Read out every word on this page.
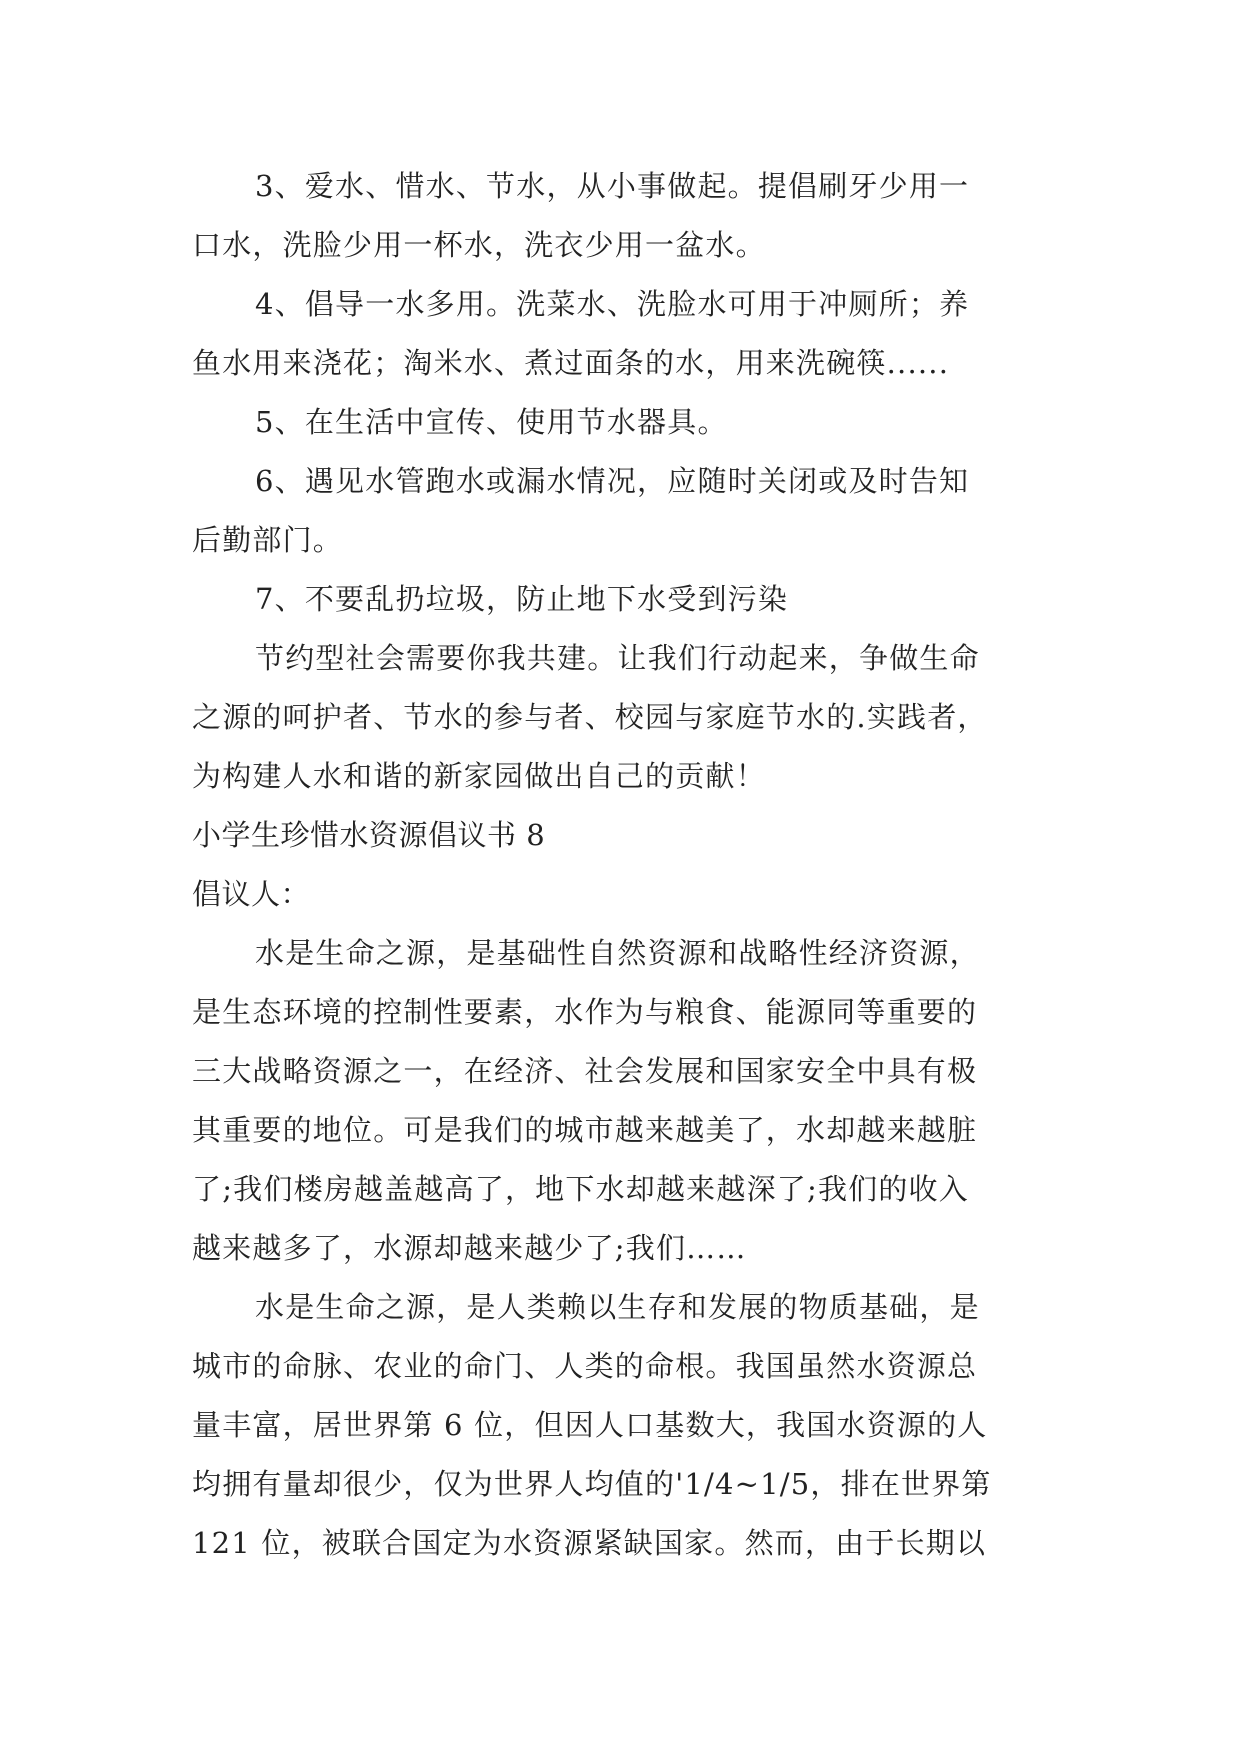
3、爱水、惜水、节水，从小事做起。提倡刷牙少用一
口水，洗脸少用一杯水，洗衣少用一盆水。
4、倡导一水多用。洗菜水、洗脸水可用于冲厕所；养
鱼水用来浇花；淘米水、煮过面条的水，用来洗碗筷......
5、在生活中宣传、使用节水器具。
6、遇见水管跑水或漏水情况，应随时关闭或及时告知
后勤部门。
7、不要乱扔垃圾，防止地下水受到污染
节约型社会需要你我共建。让我们行动起来，争做生命
之源的呵护者、节水的参与者、校园与家庭节水的.实践者，
为构建人水和谐的新家园做出自己的贡献！
小学生珍惜水资源倡议书 8
倡议人：
水是生命之源，是基础性自然资源和战略性经济资源，
是生态环境的控制性要素，水作为与粮食、能源同等重要的
三大战略资源之一，在经济、社会发展和国家安全中具有极
其重要的地位。可是我们的城市越来越美了，水却越来越脏
了;我们楼房越盖越高了，地下水却越来越深了;我们的收入
越来越多了，水源却越来越少了;我们……
水是生命之源，是人类赖以生存和发展的物质基础，是
城市的命脉、农业的命门、人类的命根。我国虽然水资源总
量丰富，居世界第 6 位，但因人口基数大，我国水资源的人
均拥有量却很少，仅为世界人均值的'1/4~1/5，排在世界第
121 位，被联合国定为水资源紧缺国家。然而，由于长期以
